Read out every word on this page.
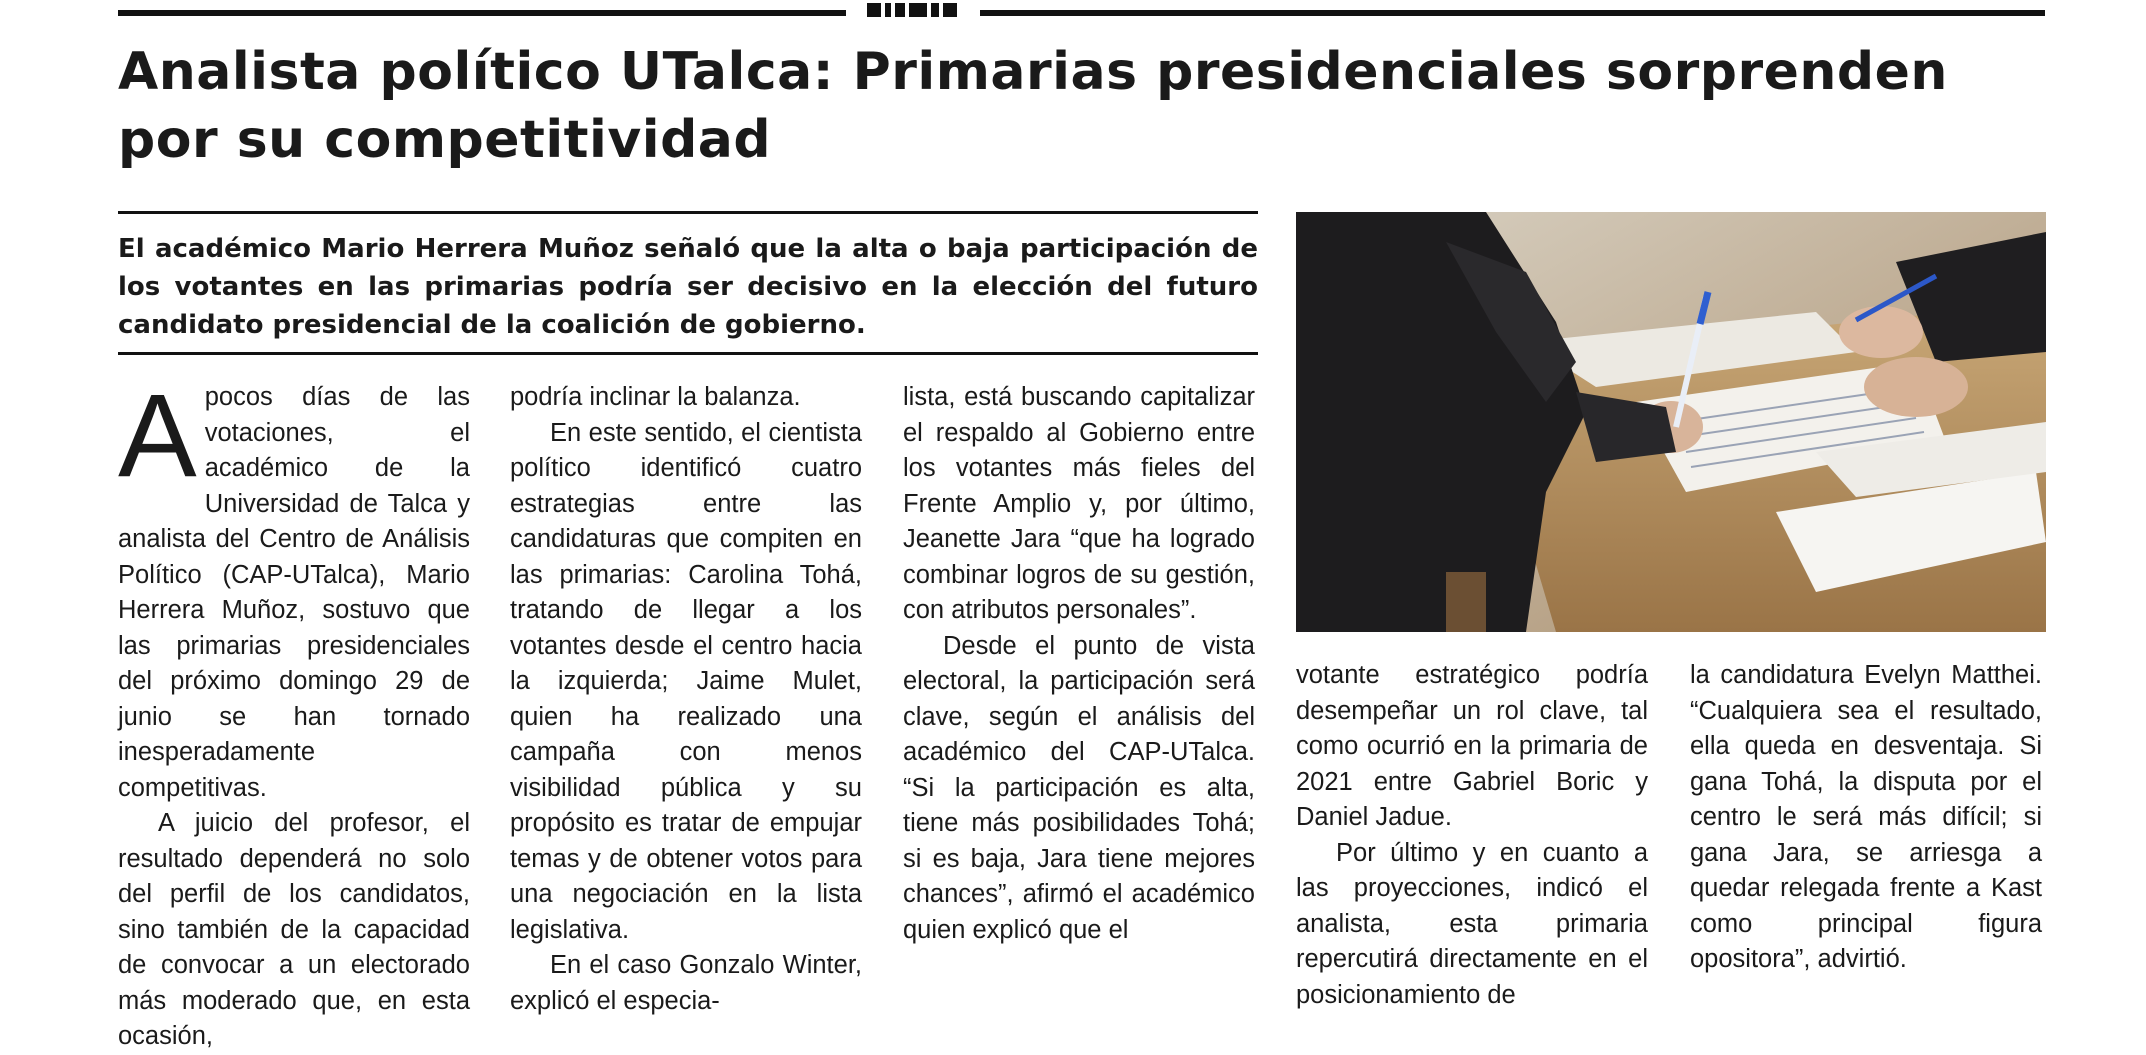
Analista político UTalca: Primarias presidenciales sorprenden por su competitividad

El académico Mario Herrera Muñoz señaló que la alta o baja participación de los votantes en las primarias podría ser decisivo en la elección del futuro candidato presidencial de la coalición de gobierno.

Apocos días de las votaciones, el académico de la Universidad de Talca y analista del Centro de Análisis Político (CAP-UTalca), Mario Herrera Muñoz, sostuvo que las primarias presidenciales del próximo domingo 29 de junio se han tornado inesperadamente competitivas.

A juicio del profesor, el resultado dependerá no solo del perfil de los candidatos, sino también de la capacidad de convocar a un electorado más moderado que, en esta ocasión,

podría inclinar la balanza.

En este sentido, el cientista político identificó cuatro estrategias entre las candidaturas que compiten en las primarias: Carolina Tohá, tratando de llegar a los votantes desde el centro hacia la izquierda; Jaime Mulet, quien ha realizado una campaña con menos visibilidad pública y su propósito es tratar de empujar temas y de obtener votos para una negociación en la lista legislativa.

En el caso Gonzalo Winter, explicó el especia-

lista, está buscando capitalizar el respaldo al Gobierno entre los votantes más fieles del Frente Amplio y, por último, Jeanette Jara “que ha logrado combinar logros de su gestión, con atributos personales”.

Desde el punto de vista electoral, la participación será clave, según el análisis del académico del CAP-UTalca. “Si la participación es alta, tiene más posibilidades Tohá; si es baja, Jara tiene mejores chances”, afirmó el académico quien explicó que el

votante estratégico podría desempeñar un rol clave, tal como ocurrió en la primaria de 2021 entre Gabriel Boric y Daniel Jadue.

Por último y en cuanto a las proyecciones, indicó el analista, esta primaria repercutirá directamente en el posicionamiento de

la candidatura Evelyn Matthei. “Cualquiera sea el resultado, ella queda en desventaja. Si gana Tohá, la disputa por el centro le será más difícil; si gana Jara, se arriesga a quedar relegada frente a Kast como principal figura opositora”, advirtió.
